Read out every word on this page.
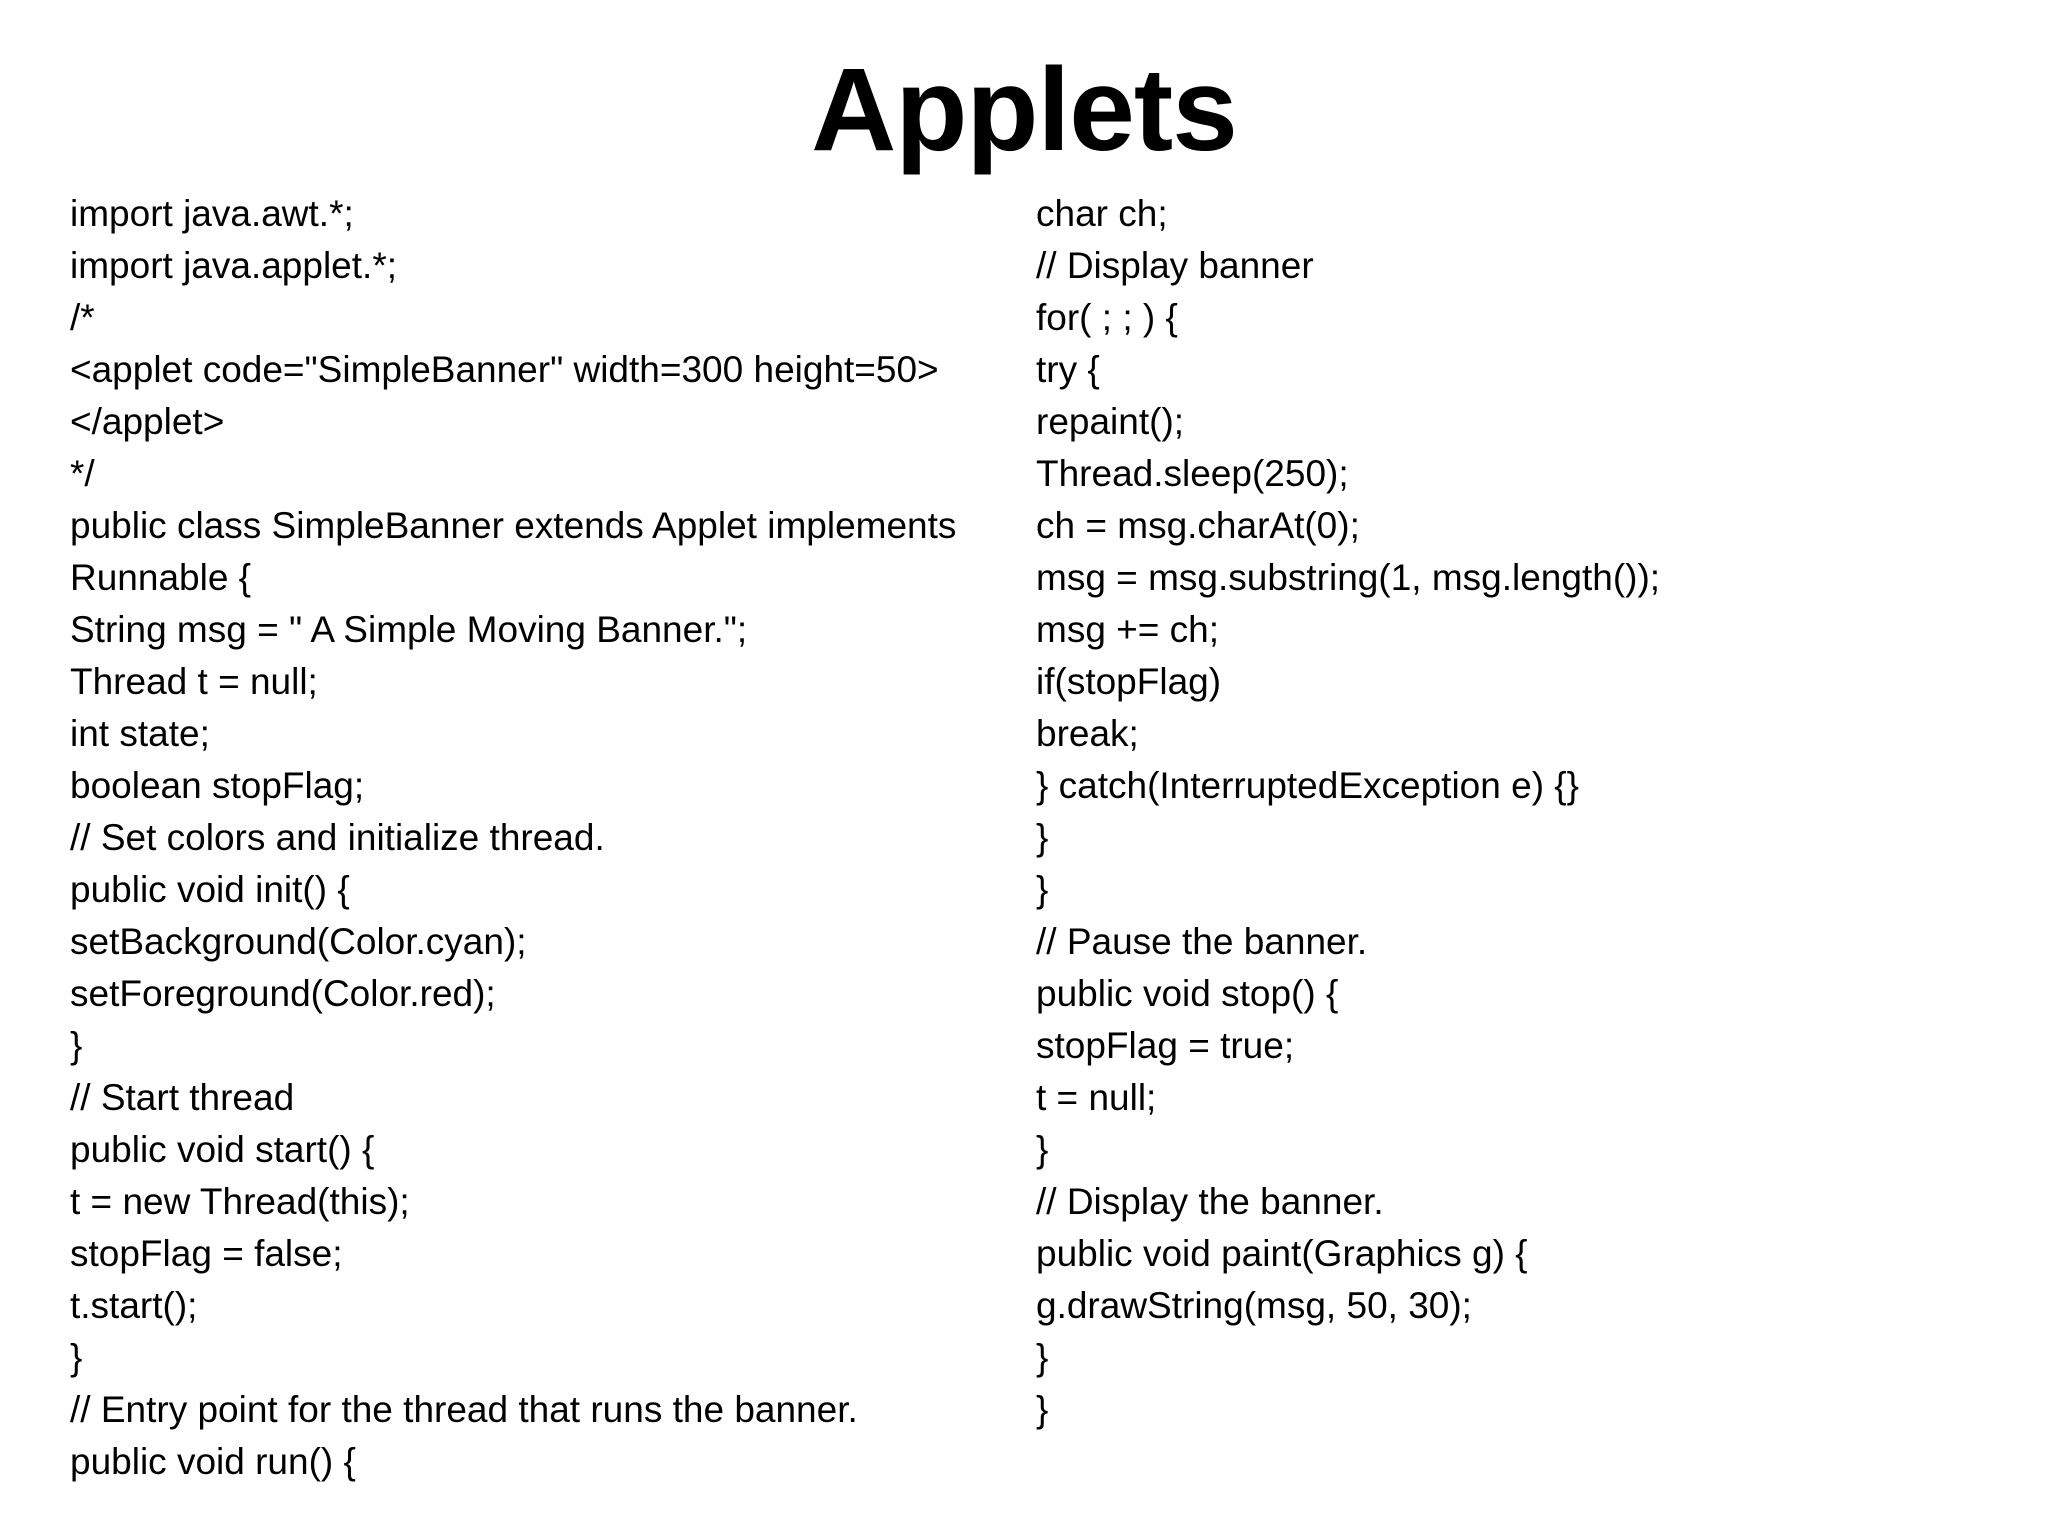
Applets
import java.awt.*;
import java.applet.*;
/*
<applet code="SimpleBanner" width=300 height=50>
</applet>
*/
public class SimpleBanner extends Applet implements
Runnable {
String msg = " A Simple Moving Banner.";
Thread t = null;
int state;
boolean stopFlag;
// Set colors and initialize thread.
public void init() {
setBackground(Color.cyan);
setForeground(Color.red);
}
// Start thread
public void start() {
t = new Thread(this);
stopFlag = false;
t.start();
}
// Entry point for the thread that runs the banner.
public void run() {
char ch;
// Display banner
for( ; ; ) {
try {
repaint();
Thread.sleep(250);
ch = msg.charAt(0);
msg = msg.substring(1, msg.length());
msg += ch;
if(stopFlag)
break;
} catch(InterruptedException e) {}
}
}
// Pause the banner.
public void stop() {
stopFlag = true;
t = null;
}
// Display the banner.
public void paint(Graphics g) {
g.drawString(msg, 50, 30);
}
}
